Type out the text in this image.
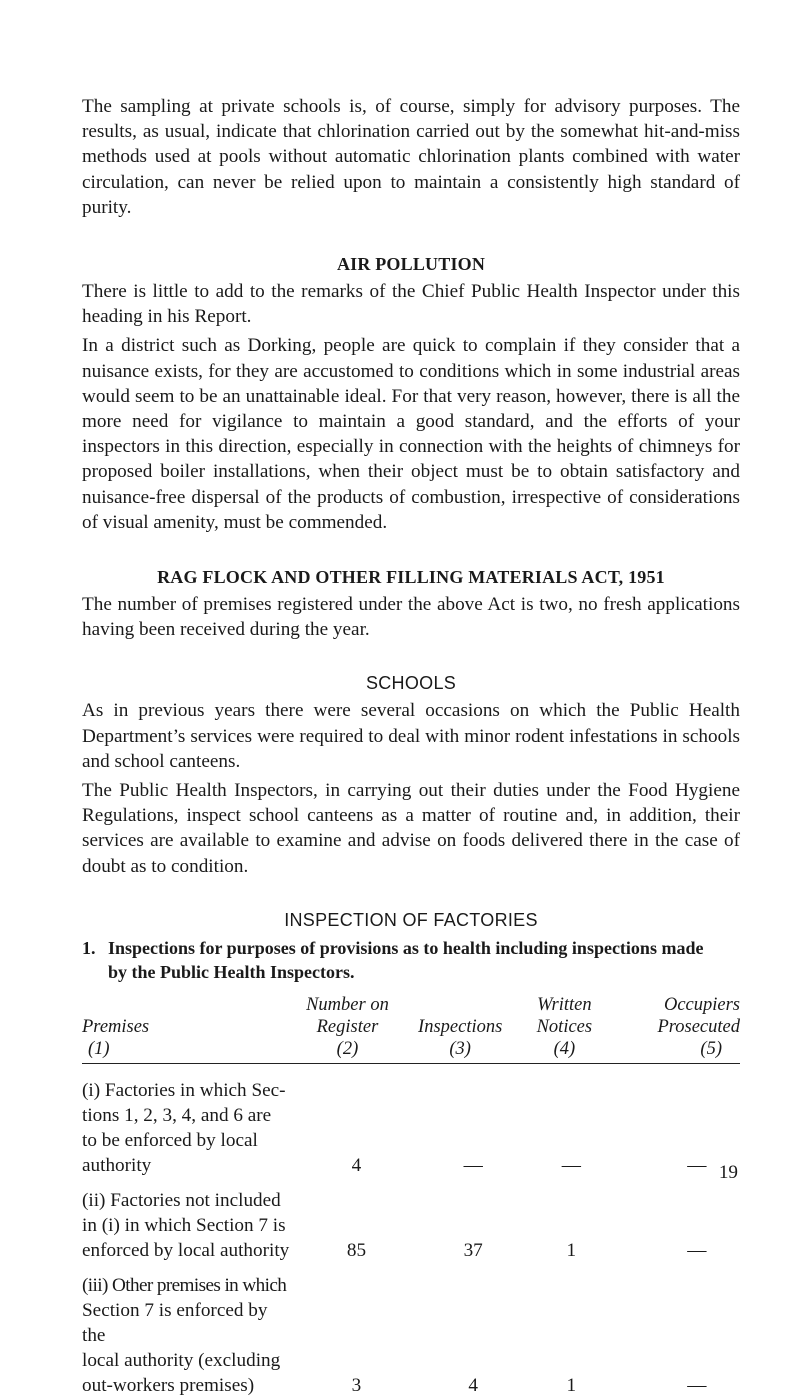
The sampling at private schools is, of course, simply for advisory purposes. The results, as usual, indicate that chlorination carried out by the somewhat hit-and-miss methods used at pools without automatic chlorination plants combined with water circulation, can never be relied upon to maintain a consistently high standard of purity.

AIR POLLUTION

There is little to add to the remarks of the Chief Public Health Inspector under this heading in his Report.

In a district such as Dorking, people are quick to complain if they consider that a nuisance exists, for they are accustomed to conditions which in some industrial areas would seem to be an unattainable ideal. For that very reason, however, there is all the more need for vigilance to maintain a good standard, and the efforts of your inspectors in this direction, especially in connection with the heights of chimneys for proposed boiler installations, when their object must be to obtain satisfactory and nuisance-free dispersal of the products of combustion, irrespective of considerations of visual amenity, must be commended.

RAG FLOCK AND OTHER FILLING MATERIALS ACT, 1951

The number of premises registered under the above Act is two, no fresh applications having been received during the year.

SCHOOLS

As in previous years there were several occasions on which the Public Health Department’s services were required to deal with minor rodent infestations in schools and school canteens.

The Public Health Inspectors, in carrying out their duties under the Food Hygiene Regulations, inspect school canteens as a matter of routine and, in addition, their services are available to examine and advise on foods delivered there in the case of doubt as to condition.

INSPECTION OF FACTORIES
1. Inspections for purposes of provisions as to health including inspections made
by the Public Health Inspectors.
	Number on		Written	Occupiers
Premises	Register	Inspections	Notices	Prosecuted
(1)	(2)	(3)	(4)	(5)
(i) Factories in which Sec-
tions 1, 2, 3, 4, and 6 are
to be enforced by local
authority	4	—	—	—
(ii) Factories not included
in (i) in which Section 7 is
enforced by local authority	85	37	1	—
(iii) Other premises in which
Section 7 is enforced by the
local authority (excluding
out-workers premises)	3	4	1	—
19
